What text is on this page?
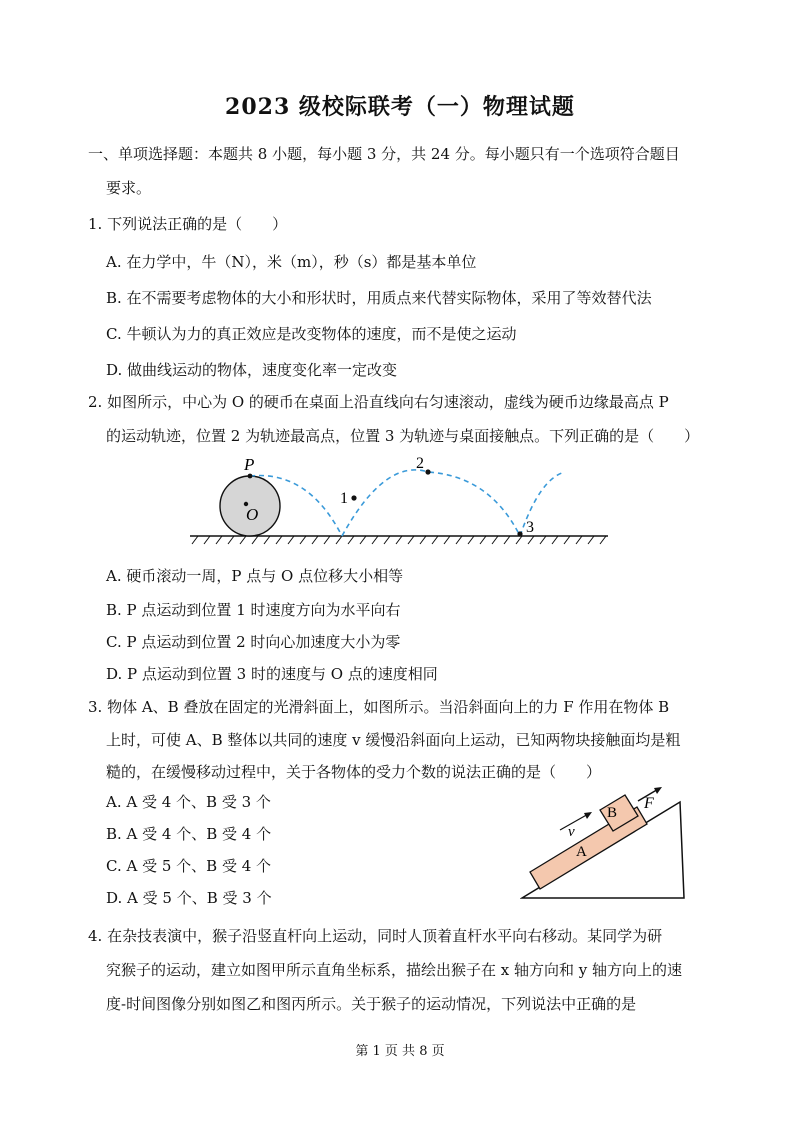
2023 级校际联考（一）物理试题
一、单项选择题：本题共 8 小题，每小题 3 分，共 24 分。每小题只有一个选项符合题目
要求。
1. 下列说法正确的是（　　）
A. 在力学中，牛（N），米（m），秒（s）都是基本单位
B. 在不需要考虑物体的大小和形状时，用质点来代替实际物体，采用了等效替代法
C. 牛顿认为力的真正效应是改变物体的速度，而不是使之运动
D. 做曲线运动的物体，速度变化率一定改变
2. 如图所示，中心为 O 的硬币在桌面上沿直线向右匀速滚动，虚线为硬币边缘最高点 P
的运动轨迹，位置 2 为轨迹最高点，位置 3 为轨迹与桌面接触点。下列正确的是（　　）
P
O
1
2
3
A. 硬币滚动一周，P 点与 O 点位移大小相等
B. P 点运动到位置 1 时速度方向为水平向右
C. P 点运动到位置 2 时向心加速度大小为零
D. P 点运动到位置 3 时的速度与 O 点的速度相同
3. 物体 A、B 叠放在固定的光滑斜面上，如图所示。当沿斜面向上的力 F 作用在物体 B
上时，可使 A、B 整体以共同的速度 v 缓慢沿斜面向上运动，已知两物块接触面均是粗
糙的，在缓慢移动过程中，关于各物体的受力个数的说法正确的是（　　）
A. A 受 4 个、B 受 3 个
B. A 受 4 个、B 受 4 个
C. A 受 5 个、B 受 4 个
D. A 受 5 个、B 受 3 个
B
A
F
v
4. 在杂技表演中，猴子沿竖直杆向上运动，同时人顶着直杆水平向右移动。某同学为研
究猴子的运动，建立如图甲所示直角坐标系，描绘出猴子在 x 轴方向和 y 轴方向上的速
度-时间图像分别如图乙和图丙所示。关于猴子的运动情况，下列说法中正确的是
第 1 页 共 8 页
